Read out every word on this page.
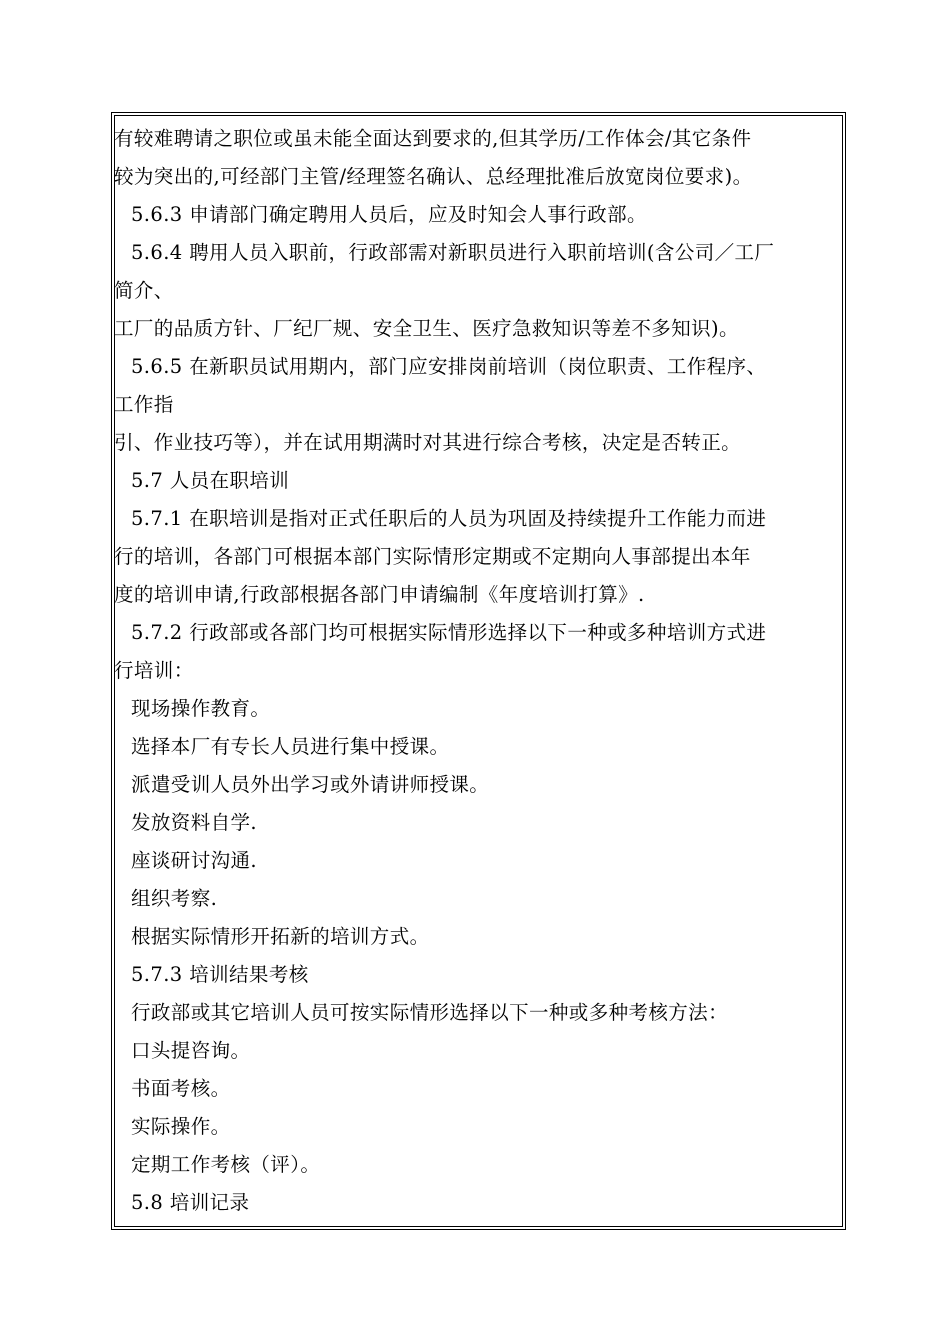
有较难聘请之职位或虽未能全面达到要求的,但其学历/工作体会/其它条件
较为突出的,可经部门主管/经理签名确认、总经理批准后放宽岗位要求)。
5.6.3 申请部门确定聘用人员后，应及时知会人事行政部。
5.6.4 聘用人员入职前，行政部需对新职员进行入职前培训(含公司／工厂
简介、
工厂的品质方针、厂纪厂规、安全卫生、医疗急救知识等差不多知识)。
5.6.5 在新职员试用期内，部门应安排岗前培训（岗位职责、工作程序、
工作指
引、作业技巧等），并在试用期满时对其进行综合考核，决定是否转正。
5.7 人员在职培训
5.7.1 在职培训是指对正式任职后的人员为巩固及持续提升工作能力而进
行的培训，各部门可根据本部门实际情形定期或不定期向人事部提出本年
度的培训申请,行政部根据各部门申请编制《年度培训打算》.
5.7.2 行政部或各部门均可根据实际情形选择以下一种或多种培训方式进
行培训：
现场操作教育。
选择本厂有专长人员进行集中授课。
派遣受训人员外出学习或外请讲师授课。
发放资料自学.
座谈研讨沟通.
组织考察.
根据实际情形开拓新的培训方式。
5.7.3 培训结果考核
行政部或其它培训人员可按实际情形选择以下一种或多种考核方法：
口头提咨询。
书面考核。
实际操作。
定期工作考核（评）。
5.8 培训记录
